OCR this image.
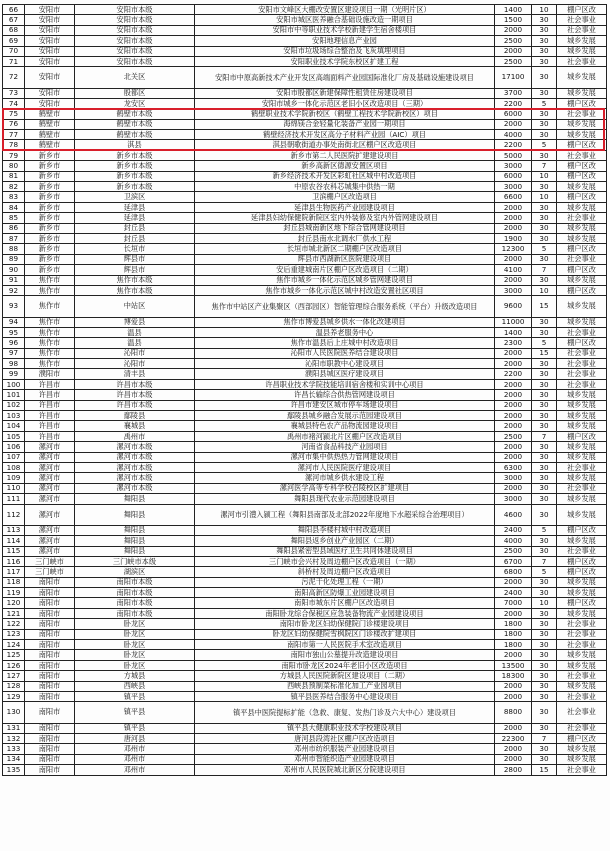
66	安阳市	安阳市本级	安阳市文峰区大棚改安置区建设项目一期（光明片区）	1400	10	棚户区改
67	安阳市	安阳市本级	安阳市城区医养融合基础设施改造一期项目	1500	30	社会事业
68	安阳市	安阳市本级	安阳市中等职业技术学校新建学生宿舍楼项目	2000	30	社会事业
69	安阳市	安阳市本级	安阳地理信息产业园	2500	30	城乡发展
70	安阳市	安阳市本级	安阳市垃圾场综合整治及飞灰填埋项目	2000	30	城乡发展
71	安阳市	安阳市本级	安阳职业技术学院东校区扩建工程	2500	30	社会事业
72	安阳市	北关区	安阳市中原高新技术产业开发区高端面料产业园国际准化厂房及基础设施建设项目	17100	30	城乡发展
73	安阳市	殷都区	安阳市殷都区新建保障性租赁住房建设项目	3700	30	城乡发展
74	安阳市	龙安区	安阳市城乡一体化示范区老旧小区改造项目（三期）	2200	5	棚户区改
75	鹤壁市	鹤壁市本级	鹤壁职业技术学院新校区（鹤壁工程技术学院新校区）项目	6000	30	社会事业
76	鹤壁市	鹤壁市本级	海绵镁合金轻量化装备产业园一期项目	2000	30	城乡发展
77	鹤壁市	鹤壁市本级	鹤壁经济技术开发区高分子材料产业园（AIC）项目	4000	30	城乡发展
78	鹤壁市	淇县	淇县朝歌街道办事处南街北区棚户区改造项目	2200	5	棚户区改
79	新乡市	新乡市本级	新乡市第二人民医院扩建建设项目	5000	30	社会事业
80	新乡市	新乡市本级	新乡高新区德源安置区项目	3000	7	棚户区改
81	新乡市	新乡市本级	新乡经济技术开发区彩虹社区城中村改造项目	6000	10	棚户区改
82	新乡市	新乡市本级	中原农谷农科芯城集中供热一期	3000	30	城乡发展
83	新乡市	卫滨区	卫滨棚户区改造项目	6600	10	棚户区改
84	新乡市	延津县	延津县生物医药产业园建设项目	2000	30	城乡发展
85	新乡市	延津县	延津县妇幼保健院新院区室内外装修及室内外管网建设项目	2000	30	社会事业
86	新乡市	封丘县	封丘县城南新区地下综合管网建设项目	2000	30	城乡发展
87	新乡市	封丘县	封丘县南水北调水厂供水工程	1900	30	城乡发展
88	新乡市	长垣市	长垣市城北新区二期棚户区改造项目	12300	5	棚户区改
89	新乡市	辉县市	辉县市西湖新区医院建设项目	2000	30	社会事业
90	新乡市	辉县市	安后重建城南片区棚户区改造项目（二期）	4100	7	棚户区改
91	焦作市	焦作市本级	焦作市城乡一体化示范区城乡管网建设项目	2000	30	城乡发展
92	焦作市	焦作市本级	焦作市城乡一体化示范区城中村改造安置社区项目	3000	10	棚户区改
93	焦作市	中站区	焦作市中站区产业集聚区（西部园区）智能管理综合服务系统（平台）升级改造项目	9600	15	城乡发展
94	焦作市	博爱县	焦作市博爱县城乡供水一体化改建项目	11000	30	城乡发展
95	焦作市	温县	温县养老服务中心	1400	30	社会事业
96	焦作市	温县	焦作市温县后上庄城中村改造项目	2300	5	棚户区改
97	焦作市	沁阳市	沁阳市人民医院医养结合建设项目	2000	15	社会事业
98	焦作市	沁阳市	沁阳市职教中心建设项目	2000	30	社会事业
99	濮阳市	清丰县	濮阳县城区医疗建设项目	2200	30	社会事业
100	许昌市	许昌市本级	许昌职业技术学院技能培训宿舍楼和实训中心项目	2000	30	社会事业
101	许昌市	许昌市本级	许昌长输综合供热管网建设项目	2000	30	城乡发展
102	许昌市	许昌市本级	许昌市建安区城市停车场建设项目	2000	30	城乡发展
103	许昌市	鄢陵县	鄢陵县城乡融合发展示范园建设项目	2000	30	城乡发展
104	许昌市	襄城县	襄城县特色农产品物流园建设项目	2000	30	城乡发展
105	许昌市	禹州市	禹州市褚河颍北片区棚户区改造项目	2500	7	棚户区改
106	漯河市	漯河市本级	河南省食品科技产业园项目	2000	30	城乡发展
107	漯河市	漯河市本级	漯河市集中供热热力管网建设项目	2000	30	城乡发展
108	漯河市	漯河市本级	漯河市人民医院医疗建设项目	6300	30	社会事业
109	漯河市	漯河市本级	漯河市城乡供水建设工程	3000	30	城乡发展
110	漯河市	漯河市本级	漯河医学高等专科学校召陵校区扩建项目	2000	30	社会事业
111	漯河市	舞阳县	舞阳县现代农业示范园建设项目	3000	30	城乡发展
112	漯河市	舞阳县	漯河市引澧入颍工程（舞阳县南部及北部2022年度地下水超采综合治理项目）	4600	30	城乡发展
113	漯河市	舞阳县	舞阳县李楼村城中村改造项目	2400	5	棚户区改
114	漯河市	舞阳县	舞阳县返乡创业产业园区（二期）	4000	30	城乡发展
115	漯河市	舞阳县	舞阳县紧密型县域医疗卫生共同体建设项目	2500	30	社会事业
116	三门峡市	三门峡市本级	三门峡市会兴村及周边棚户区改造项目（一期）	6700	7	棚户区改
117	三门峡市	湖滨区	斜桥村及周边棚户区改造项目	6800	5	棚户区改
118	南阳市	南阳市本级	污泥干化处理工程（一期）	2000	30	城乡发展
119	南阳市	南阳市本级	南阳高新区防爆工业园建设项目	2400	30	城乡发展
120	南阳市	南阳市本级	南阳市城东片区棚户区改造项目	7000	10	棚户区改
121	南阳市	南阳市本级	南阳卧龙综合保税区应急装备物流产业园建设项目	2000	30	城乡发展
122	南阳市	卧龙区	南阳市卧龙区妇幼保健院门诊楼建设项目	1800	30	社会事业
123	南阳市	卧龙区	卧龙区妇幼保健院雪枫院区门诊楼改扩建项目	1800	30	社会事业
124	南阳市	卧龙区	南阳市第一人民医院手术室改造项目	1800	30	社会事业
125	南阳市	卧龙区	南阳市独山公墓提升改造建设项目	2000	30	城乡发展
126	南阳市	卧龙区	南阳市卧龙区2024年老旧小区改造项目	13500	30	城乡发展
127	南阳市	方城县	方城县人民医院新院区建设项目（二期）	18300	30	社会事业
128	南阳市	西峡县	西峡县预制菜标准化加工产业园项目	2000	30	城乡发展
129	南阳市	镇平县	镇平县医养结合服务中心建设项目	2000	30	社会事业
130	南阳市	镇平县	镇平县中医院提标扩能（急救、康复、发热门诊及六大中心）建设项目	8800	30	社会事业
131	南阳市	镇平县	镇平县大健康职业技术学校建设项目	2000	30	社会事业
132	南阳市	唐河县	唐河县段湾社区棚户区改造项目	22300	7	棚户区改
133	南阳市	邓州市	邓州市纺织服装产业园建设项目	2000	30	城乡发展
134	南阳市	邓州市	邓州市智能织造产业园建设项目	2000	30	城乡发展
135	南阳市	邓州市	邓州市人民医院城北新区分院建设项目	2800	15	社会事业
